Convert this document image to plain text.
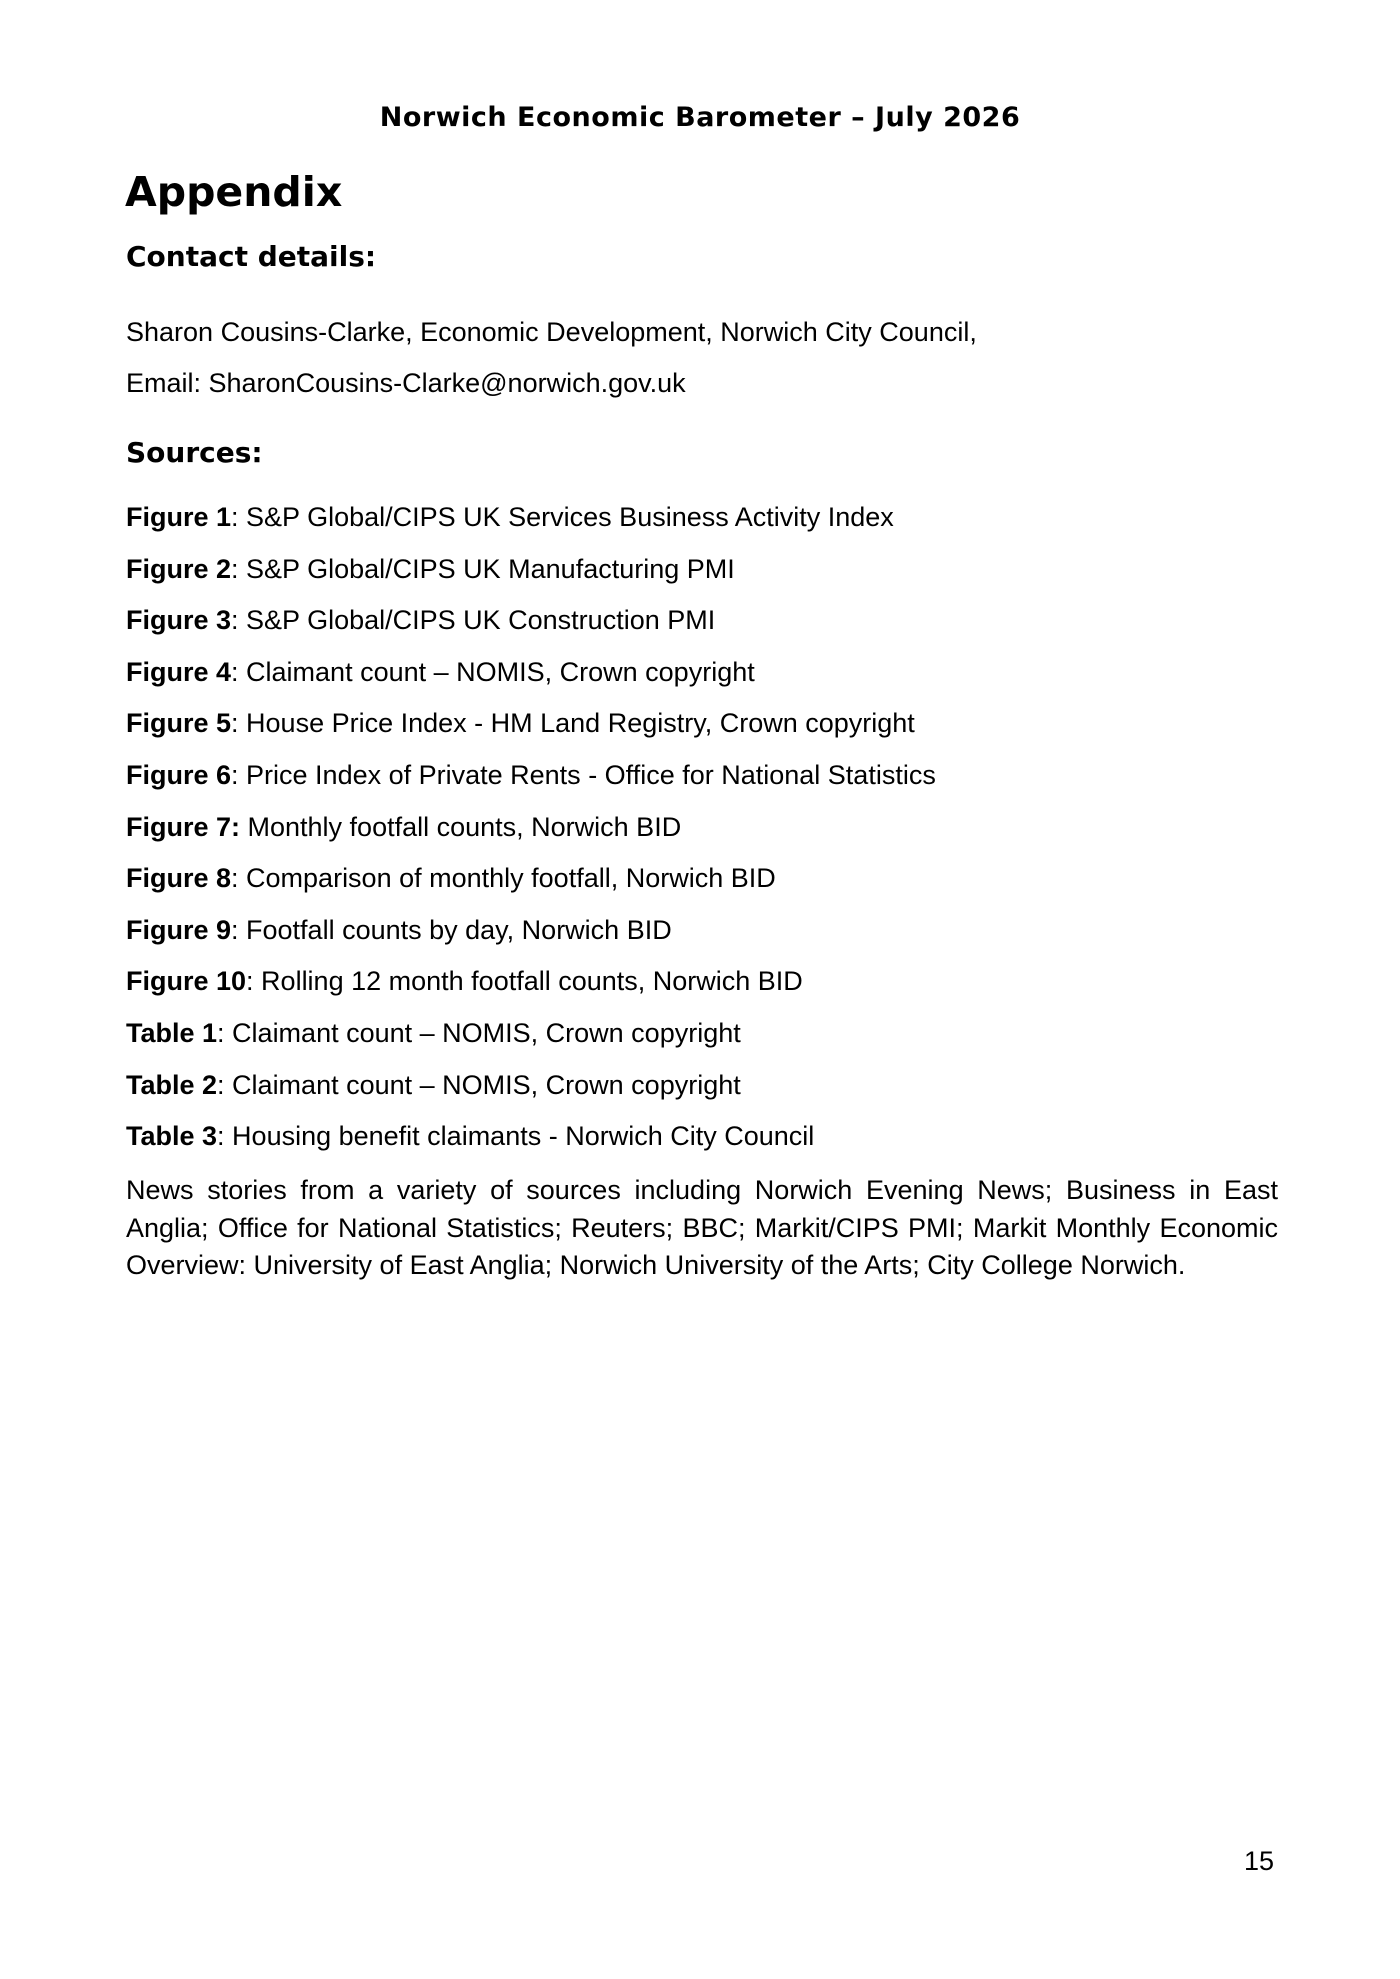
Norwich Economic Barometer – July 2026
Appendix
Contact details:
Sharon Cousins-Clarke, Economic Development, Norwich City Council,
Email: SharonCousins-Clarke@norwich.gov.uk
Sources:
Figure 1: S&P Global/CIPS UK Services Business Activity Index
Figure 2: S&P Global/CIPS UK Manufacturing PMI
Figure 3: S&P Global/CIPS UK Construction PMI
Figure 4: Claimant count – NOMIS, Crown copyright
Figure 5: House Price Index - HM Land Registry, Crown copyright
Figure 6: Price Index of Private Rents - Office for National Statistics
Figure 7: Monthly footfall counts, Norwich BID
Figure 8: Comparison of monthly footfall, Norwich BID
Figure 9: Footfall counts by day, Norwich BID
Figure 10: Rolling 12 month footfall counts, Norwich BID
Table 1: Claimant count – NOMIS, Crown copyright
Table 2: Claimant count – NOMIS, Crown copyright
Table 3: Housing benefit claimants - Norwich City Council
News stories from a variety of sources including Norwich Evening News; Business in East Anglia; Office for National Statistics; Reuters; BBC; Markit/CIPS PMI; Markit Monthly Economic Overview: University of East Anglia; Norwich University of the Arts; City College Norwich.
15
